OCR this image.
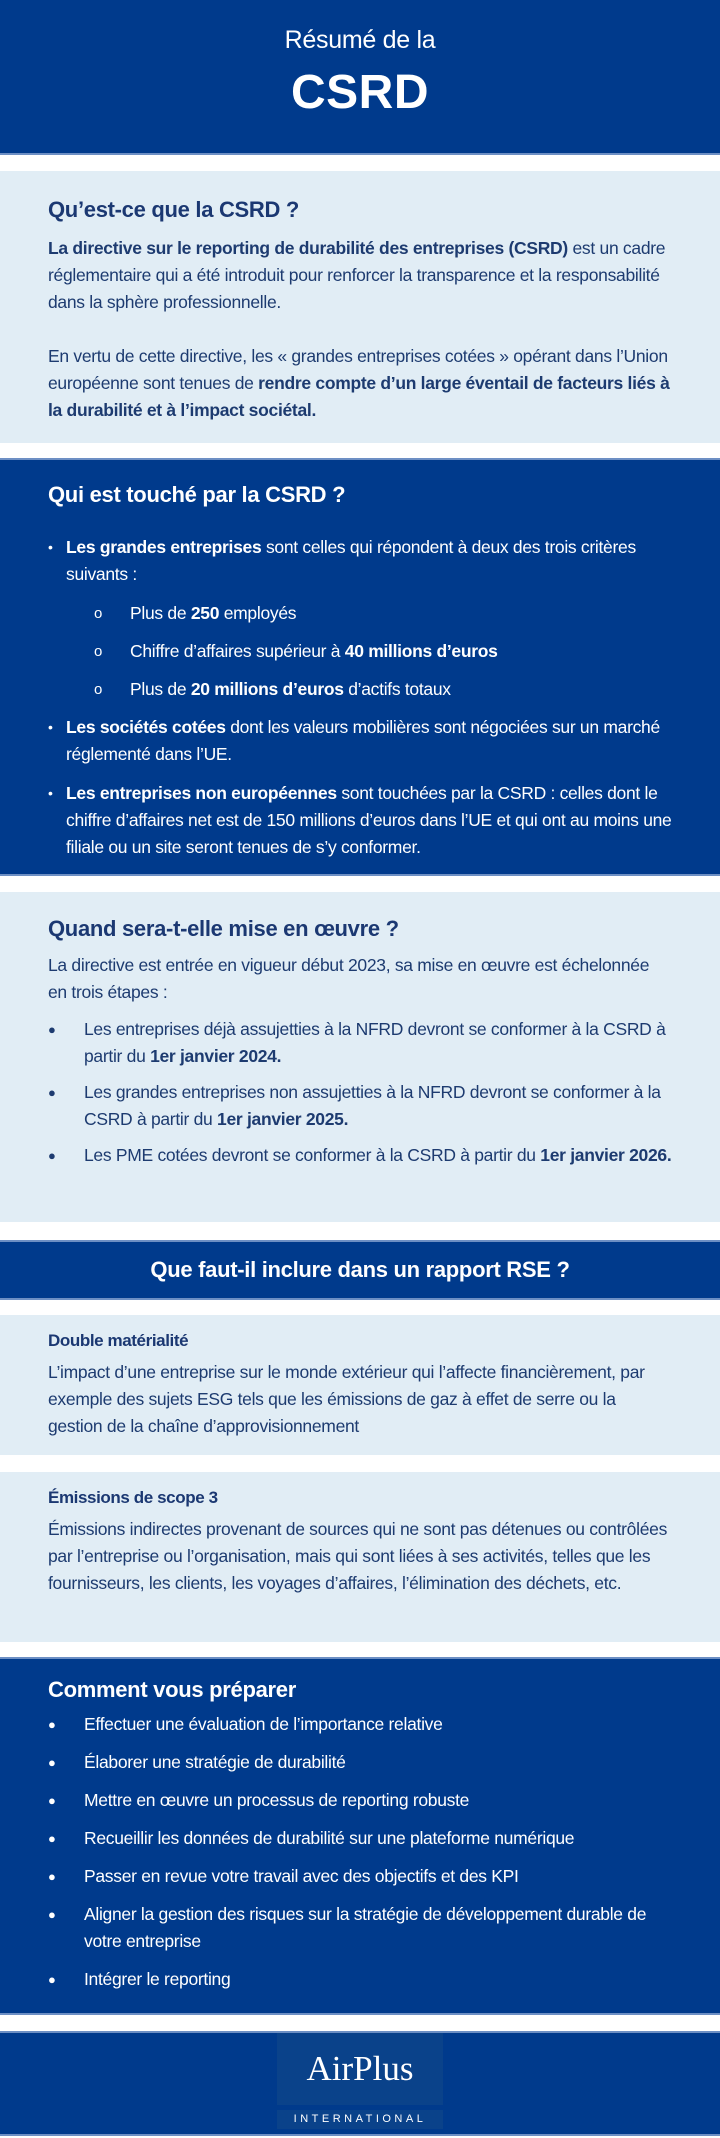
Résumé de la
CSRD
Qu’est-ce que la CSRD ?

La directive sur le reporting de durabilité des entreprises (CSRD) est un cadre réglementaire qui a été introduit pour renforcer la transparence et la responsabilité dans la sphère professionnelle.

En vertu de cette directive, les « grandes entreprises cotées » opérant dans l’Union européenne sont tenues de rendre compte d’un large éventail de facteurs liés à la durabilité et à l’impact sociétal.

Qui est touché par la CSRD ?
• Les grandes entreprises sont celles qui répondent à deux des trois critères suivants :
o	Plus de 250 employés
o	Chiffre d’affaires supérieur à 40 millions d’euros
o	Plus de 20 millions d’euros d’actifs totaux
• Les sociétés cotées dont les valeurs mobilières sont négociées sur un marché réglementé dans l’UE.
• Les entreprises non européennes sont touchées par la CSRD : celles dont le chiffre d’affaires net est de 150 millions d’euros dans l’UE et qui ont au moins une filiale ou un site seront tenues de s’y conformer.
Quand sera-t-elle mise en œuvre ?

La directive est entrée en vigueur début 2023, sa mise en œuvre est échelonnée en trois étapes :

●	Les entreprises déjà assujetties à la NFRD devront se conformer à la CSRD à partir du 1er janvier 2024.
●	Les grandes entreprises non assujetties à la NFRD devront se conformer à la CSRD à partir du 1er janvier 2025.
●	Les PME cotées devront se conformer à la CSRD à partir du 1er janvier 2026.
Que faut-il inclure dans un rapport RSE ?
Double matérialité

L’impact d’une entreprise sur le monde extérieur qui l’affecte financièrement, par exemple des sujets ESG tels que les émissions de gaz à effet de serre ou la gestion de la chaîne d’approvisionnement

Émissions de scope 3

Émissions indirectes provenant de sources qui ne sont pas détenues ou contrôlées par l’entreprise ou l’organisation, mais qui sont liées à ses activités, telles que les fournisseurs, les clients, les voyages d’affaires, l’élimination des déchets, etc.

Comment vous préparer
●	Effectuer une évaluation de l’importance relative
●	Élaborer une stratégie de durabilité
●	Mettre en œuvre un processus de reporting robuste
●	Recueillir les données de durabilité sur une plateforme numérique
●	Passer en revue votre travail avec des objectifs et des KPI
●	Aligner la gestion des risques sur la stratégie de développement durable de votre entreprise
●	Intégrer le reporting
AirPlus
INTERNATIONAL
